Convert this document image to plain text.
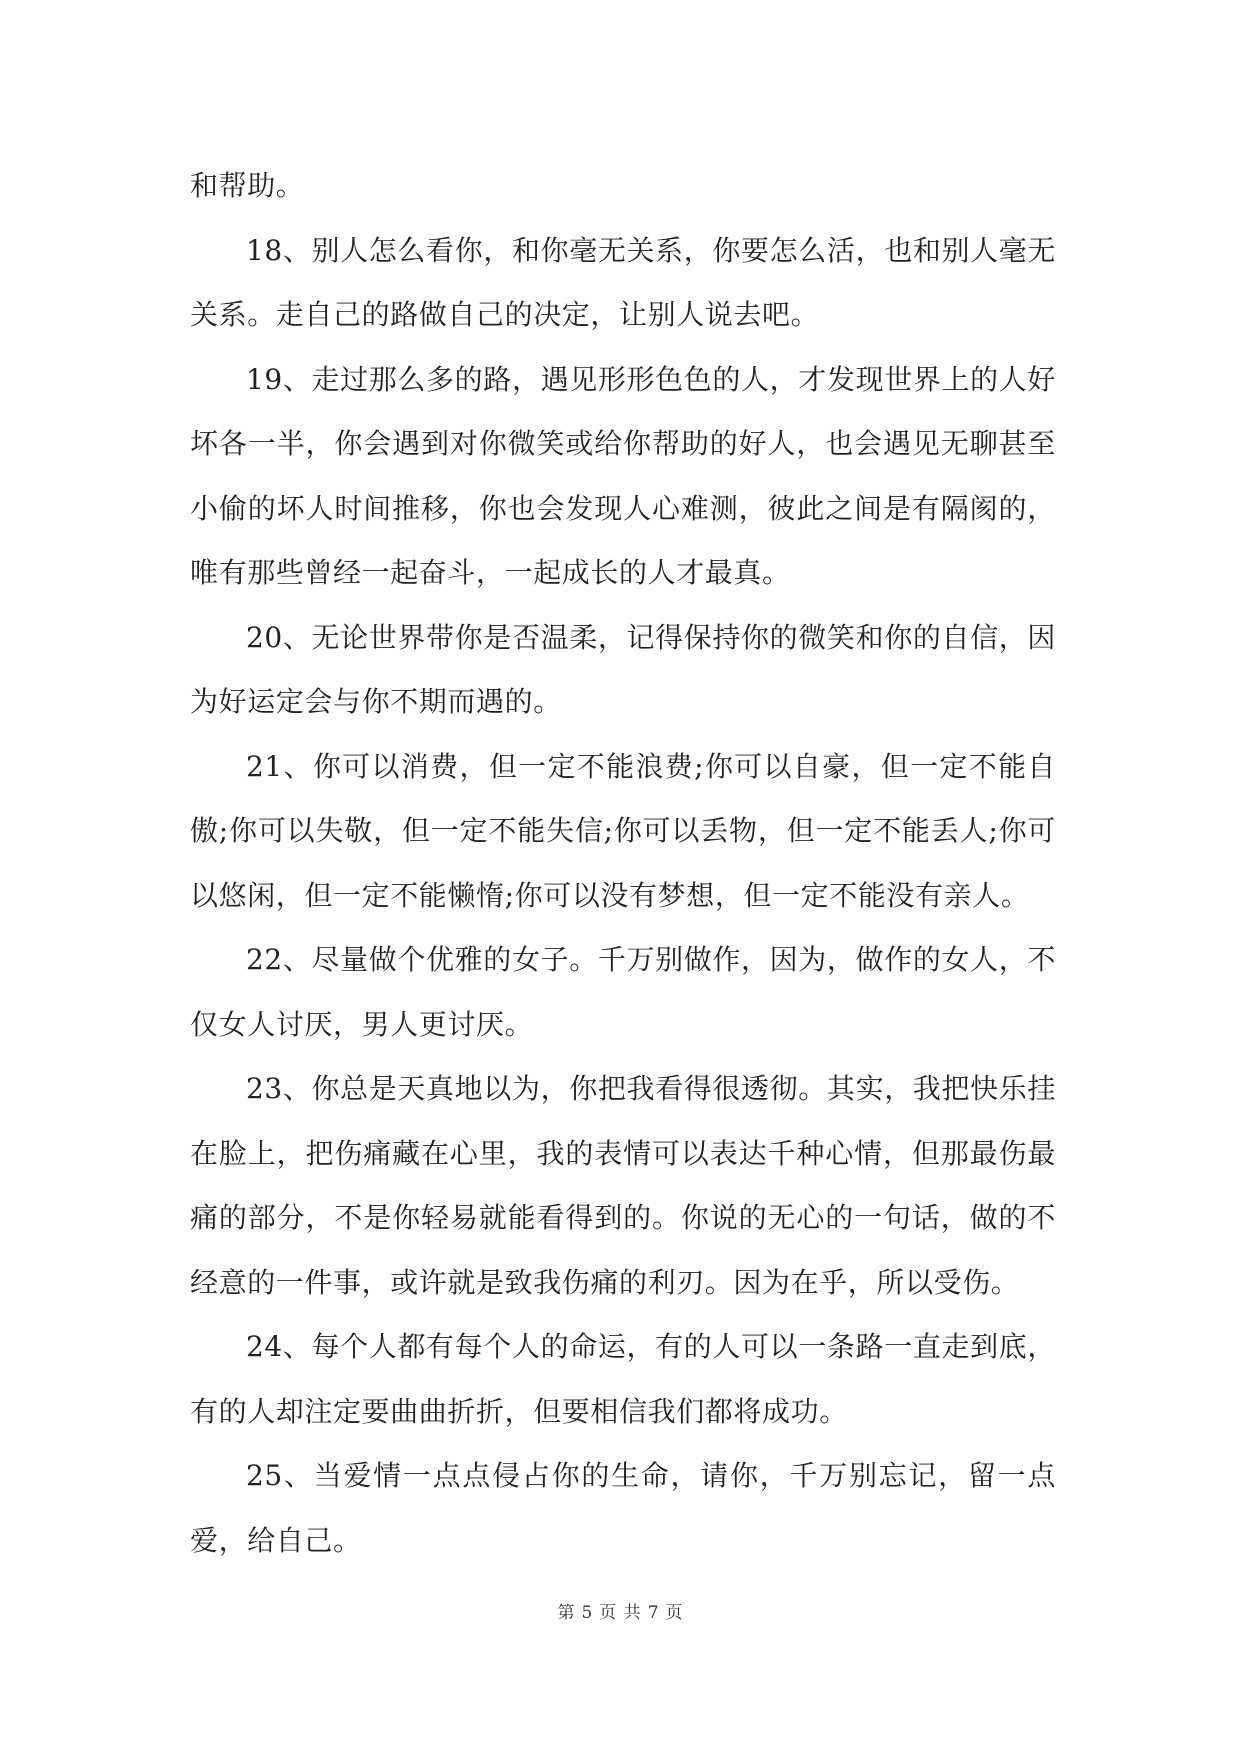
和帮助。

18、别人怎么看你，和你毫无关系，你要怎么活，也和别人毫无关系。走自己的路做自己的决定，让别人说去吧。

19、走过那么多的路，遇见形形色色的人，才发现世界上的人好坏各一半，你会遇到对你微笑或给你帮助的好人，也会遇见无聊甚至小偷的坏人时间推移，你也会发现人心难测，彼此之间是有隔阂的，唯有那些曾经一起奋斗，一起成长的人才最真。

20、无论世界带你是否温柔，记得保持你的微笑和你的自信，因为好运定会与你不期而遇的。

21、你可以消费，但一定不能浪费;你可以自豪，但一定不能自傲;你可以失敬，但一定不能失信;你可以丢物，但一定不能丢人;你可以悠闲，但一定不能懒惰;你可以没有梦想，但一定不能没有亲人。

22、尽量做个优雅的女子。千万别做作，因为，做作的女人，不仅女人讨厌，男人更讨厌。

23、你总是天真地以为，你把我看得很透彻。其实，我把快乐挂在脸上，把伤痛藏在心里，我的表情可以表达千种心情，但那最伤最痛的部分，不是你轻易就能看得到的。你说的无心的一句话，做的不经意的一件事，或许就是致我伤痛的利刃。因为在乎，所以受伤。

24、每个人都有每个人的命运，有的人可以一条路一直走到底，有的人却注定要曲曲折折，但要相信我们都将成功。

25、当爱情一点点侵占你的生命，请你，千万别忘记，留一点爱，给自己。

第 5 页 共 7 页
